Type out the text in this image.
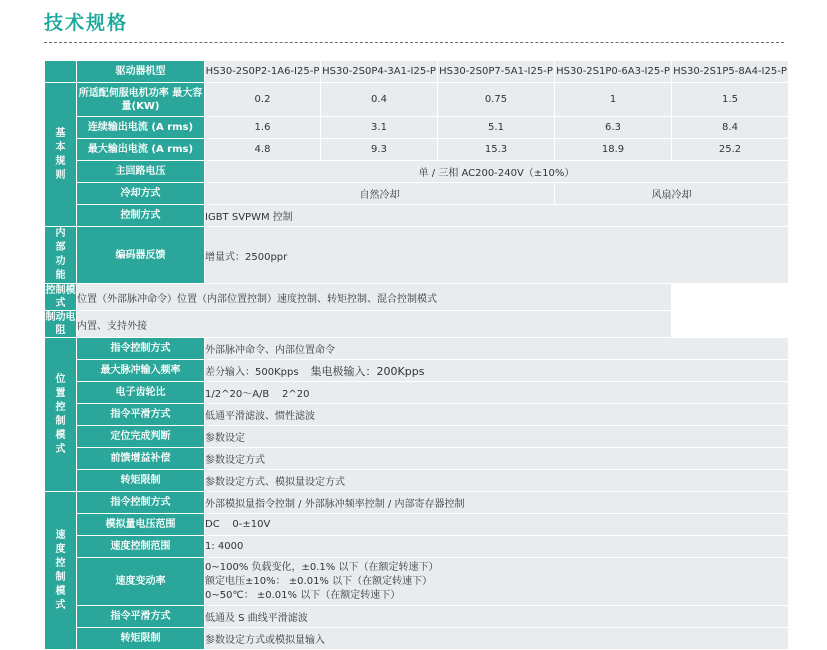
技术规格
	驱动器机型	HS30-2S0P2-1A6-I25-P	HS30-2S0P4-3A1-I25-P	HS30-2S0P7-5A1-I25-P	HS30-2S1P0-6A3-I25-P	HS30-2S1P5-8A4-I25-P

基本规则	所适配伺服电机功率 最大容量(KW)	0.2	0.4	0.75	1	1.5
	连续输出电流 (A rms)	1.6	3.1	5.1	6.3	8.4
	最大输出电流 (A rms)	4.8	9.3	15.3	18.9	25.2
	主回路电压	单 / 三相 AC200-240V（±10%）				
	冷却方式	自然冷却			风扇冷却	
	控制方式	IGBT SVPWM 控制				

内部功能	编码器反馈	增量式：2500ppr				
控制模式	位置（外部脉冲命令）位置（内部位置控制）速度控制、转矩控制、混合控制模式					
制动电阻	内置、支持外接					

位置控制模式	指令控制方式	外部脉冲命令、内部位置命令				
	最大脉冲输入频率	差分输入：500Kpps 集电极输入：200Kpps				
	电子齿轮比	1/2^20～A/B    2^20				
	指令平滑方式	低通平滑滤波、惯性滤波				
	定位完成判断	参数设定				
	前馈增益补偿	参数设定方式				
	转矩限制	参数设定方式、模拟量设定方式				

速度控制模式	指令控制方式	外部模拟量指令控制 / 外部脉冲频率控制 / 内部寄存器控制				
	模拟量电压范围	DC    0-±10V				
	速度控制范围	1: 4000				
	速度变动率	0~100% 负载变化，±0.1% 以下（在额定转速下）
额定电压±10%： ±0.01% 以下（在额定转速下）
0~50℃： ±0.01% 以下（在额定转速下）				

	指令平滑方式	低通及 S 曲线平滑滤波				
	转矩限制	参数设定方式或模拟量输入				
